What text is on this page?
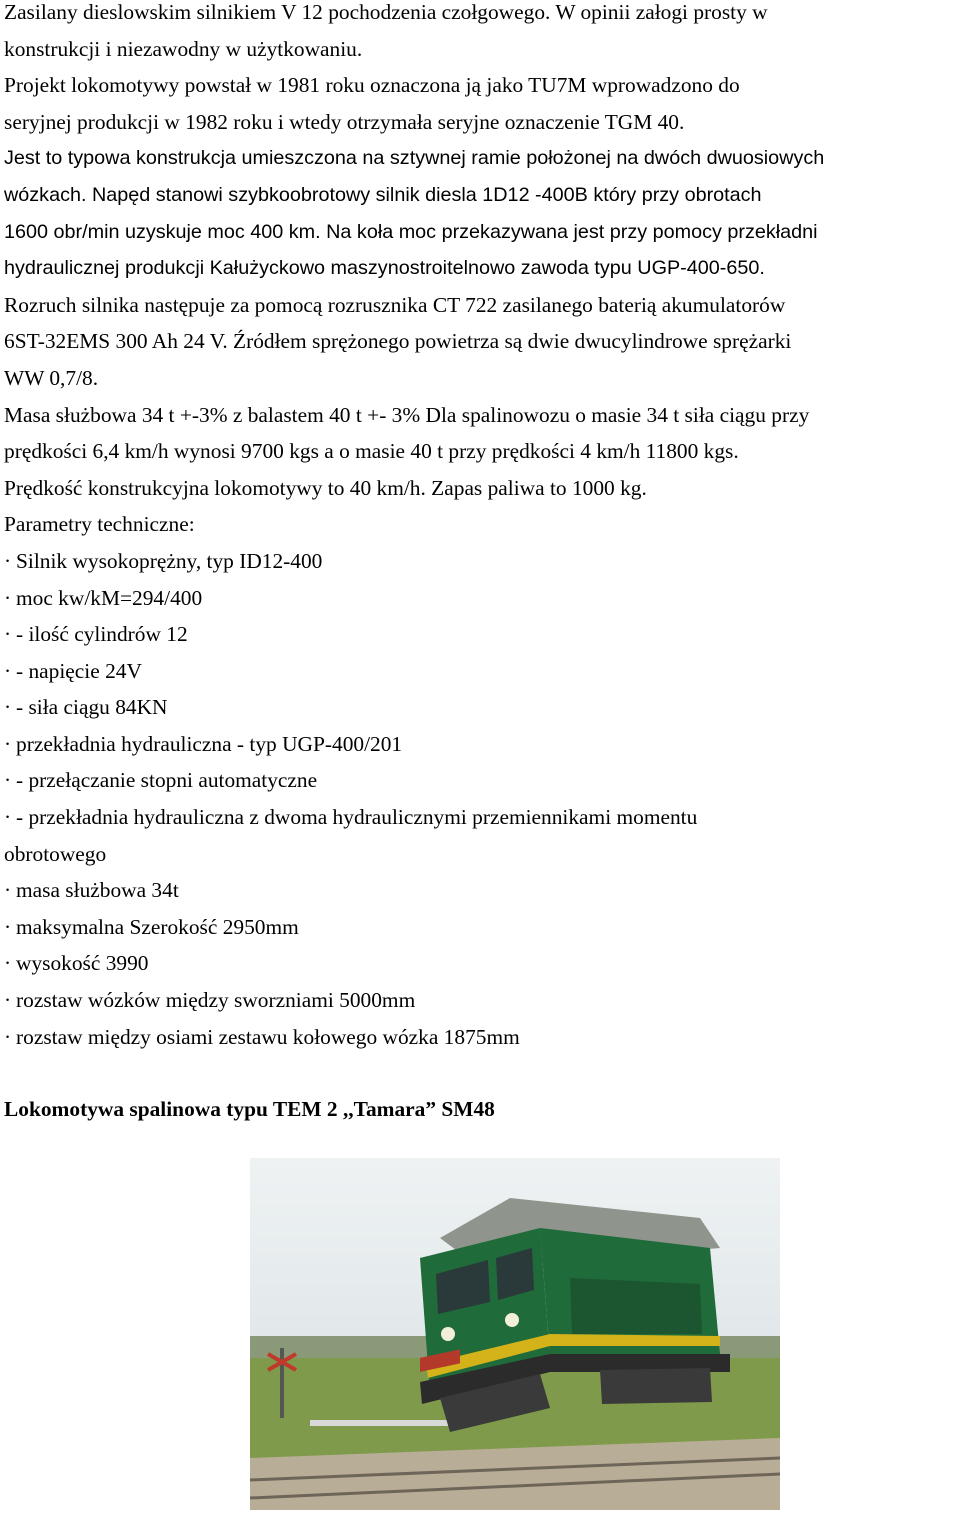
Zasilany dieslowskim silnikiem V 12 pochodzenia czołgowego. W opinii załogi prosty w
konstrukcji i niezawodny w użytkowaniu.
Projekt lokomotywy powstał w 1981 roku oznaczona ją jako TU7M wprowadzono do
seryjnej produkcji w 1982 roku i wtedy otrzymała seryjne oznaczenie TGM 40.
Jest to typowa konstrukcja umieszczona na sztywnej ramie położonej na dwóch dwuosiowych
wózkach. Napęd stanowi szybkoobrotowy silnik diesla 1D12 -400B który przy obrotach
1600 obr/min uzyskuje moc 400 km. Na koła moc przekazywana jest przy pomocy przekładni
hydraulicznej produkcji Kałużyckowo maszynostroitelnowo zawoda typu UGP-400-650.
Rozruch silnika następuje za pomocą rozrusznika CT 722 zasilanego baterią akumulatorów
6ST-32EMS 300 Ah 24 V. Źródłem sprężonego powietrza są dwie dwucylindrowe sprężarki
WW 0,7/8.
Masa służbowa 34 t +-3% z balastem 40 t +- 3% Dla spalinowozu o masie 34 t siła ciągu przy
prędkości 6,4 km/h wynosi 9700 kgs a o masie 40 t przy prędkości 4 km/h 11800 kgs.
Prędkość konstrukcyjna lokomotywy to 40 km/h. Zapas paliwa to 1000 kg.
Parametry techniczne:
· Silnik wysokoprężny, typ ID12-400
· moc kw/kM=294/400
· - ilość cylindrów 12
· - napięcie 24V
· - siła ciągu 84KN
· przekładnia hydrauliczna - typ UGP-400/201
· - przełączanie stopni automatyczne
· - przekładnia hydrauliczna z dwoma hydraulicznymi przemiennikami momentu
obrotowego
· masa służbowa 34t
· maksymalna Szerokość 2950mm
· wysokość 3990
· rozstaw wózków między sworzniami 5000mm
· rozstaw między osiami zestawu kołowego wózka 1875mm
Lokomotywa spalinowa typu TEM 2 ,,Tamara” SM48
